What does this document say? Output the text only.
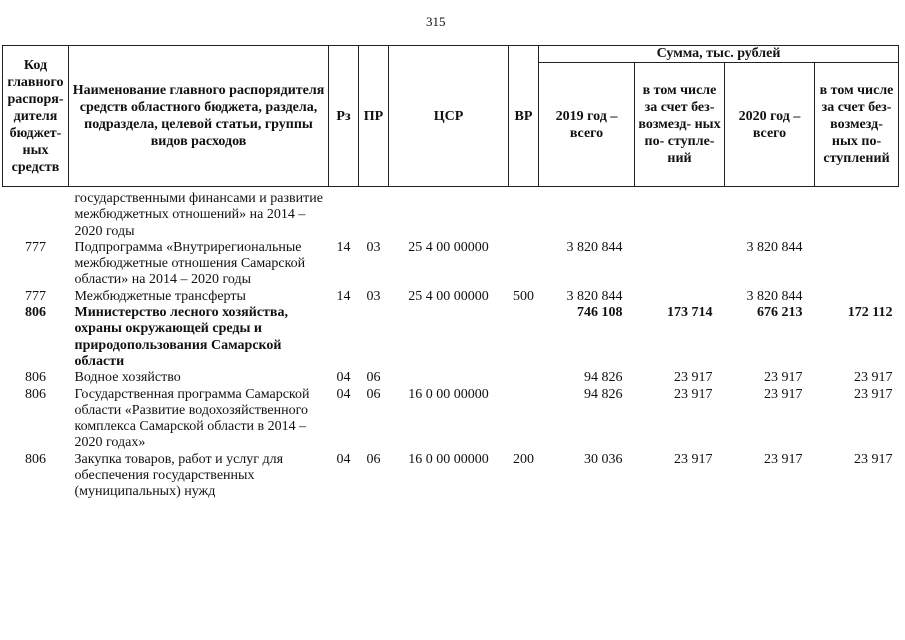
315
Код главного распоря- дителя бюджет- ных средств	Наименование главного распорядителя средств областного бюджета, раздела, подраздела, целевой статьи, группы видов расходов	Рз	ПР	ЦСР	ВР	Сумма, тыс. рублей			
						2019 год – всего	в том числе за счет без- возмезд- ных по- ступле- ний	2020 год – всего	в том числе за счет без- возмезд- ных по- ступлений

	государственными финансами и развитие межбюджетных отношений» на 2014 – 2020 годы								
777	Подпрограмма «Внутрирегиональные межбюджетные отношения Самарской области» на 2014 – 2020 годы	14	03	25 4 00 00000		3 820 844		3 820 844	
777	Межбюджетные трансферты	14	03	25 4 00 00000	500	3 820 844		3 820 844	
806	Министерство лесного хозяйства, охраны окружающей среды и природопользования Самарской области					746 108	173 714	676 213	172 112
806	Водное хозяйство	04	06			94 826	23 917	23 917	23 917
806	Государственная программа Самарской области «Развитие водохозяйственного комплекса Самарской области в 2014 – 2020 годах»	04	06	16 0 00 00000		94 826	23 917	23 917	23 917
806	Закупка товаров, работ и услуг для обеспечения государственных (муниципальных) нужд	04	06	16 0 00 00000	200	30 036	23 917	23 917	23 917
